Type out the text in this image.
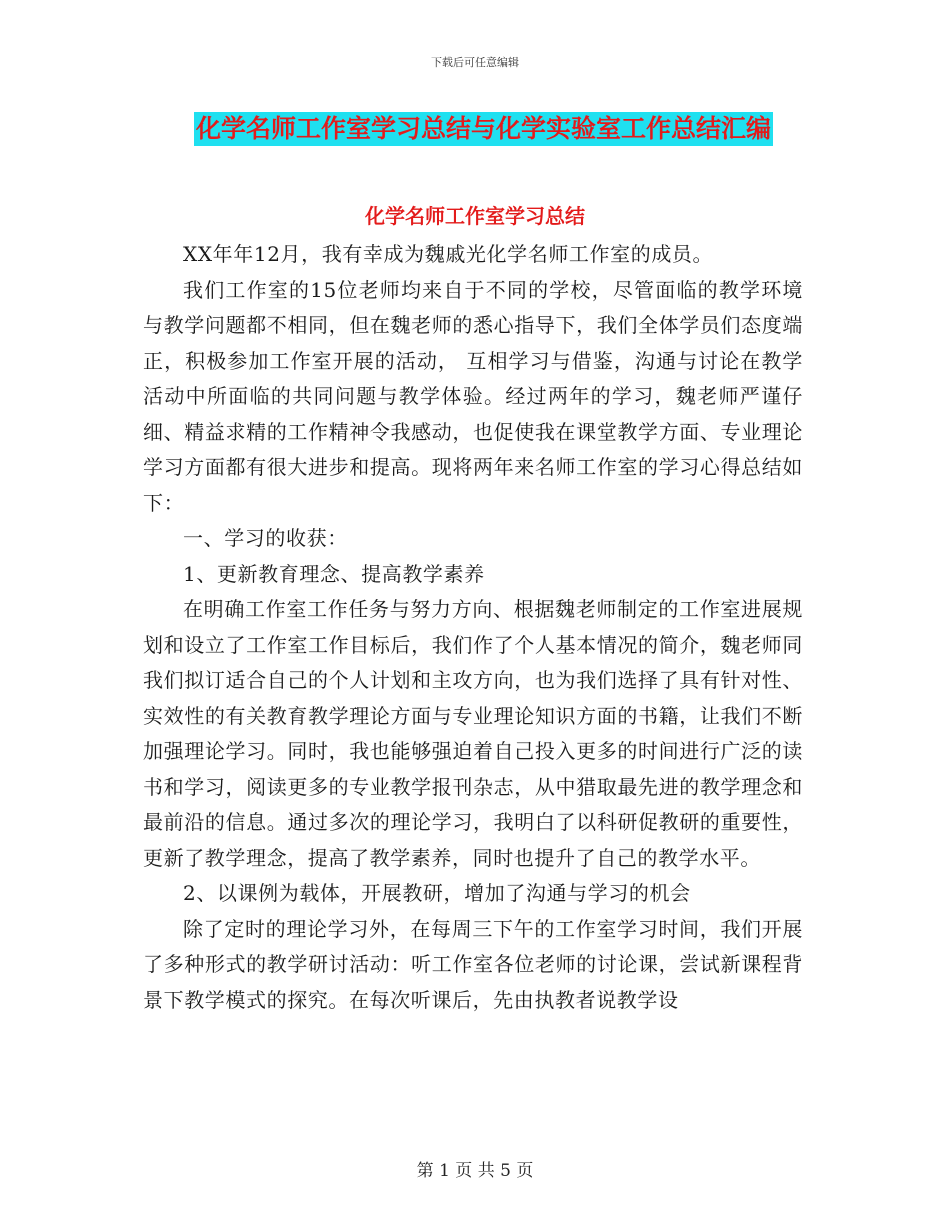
下载后可任意编辑
化学名师工作室学习总结与化学实验室工作总结汇编
化学名师工作室学习总结

XX年年12月，我有幸成为魏戚光化学名师工作室的成员。

我们工作室的15位老师均来自于不同的学校，尽管面临的教学环境与教学问题都不相同，但在魏老师的悉心指导下，我们全体学员们态度端正，积极参加工作室开展的活动， 互相学习与借鉴，沟通与讨论在教学活动中所面临的共同问题与教学体验。经过两年的学习，魏老师严谨仔细、精益求精的工作精神令我感动，也促使我在课堂教学方面、专业理论学习方面都有很大进步和提高。现将两年来名师工作室的学习心得总结如下：

一、学习的收获：

1、更新教育理念、提高教学素养

在明确工作室工作任务与努力方向、根据魏老师制定的工作室进展规划和设立了工作室工作目标后，我们作了个人基本情况的简介，魏老师同我们拟订适合自己的个人计划和主攻方向，也为我们选择了具有针对性、实效性的有关教育教学理论方面与专业理论知识方面的书籍，让我们不断加强理论学习。同时，我也能够强迫着自己投入更多的时间进行广泛的读书和学习，阅读更多的专业教学报刊杂志，从中猎取最先进的教学理念和最前沿的信息。通过多次的理论学习，我明白了以科研促教研的重要性，更新了教学理念，提高了教学素养，同时也提升了自己的教学水平。

2、以课例为载体，开展教研，增加了沟通与学习的机会

除了定时的理论学习外，在每周三下午的工作室学习时间，我们开展了多种形式的教学研讨活动：听工作室各位老师的讨论课，尝试新课程背景下教学模式的探究。在每次听课后，先由执教者说教学设

第 1 页 共 5 页
